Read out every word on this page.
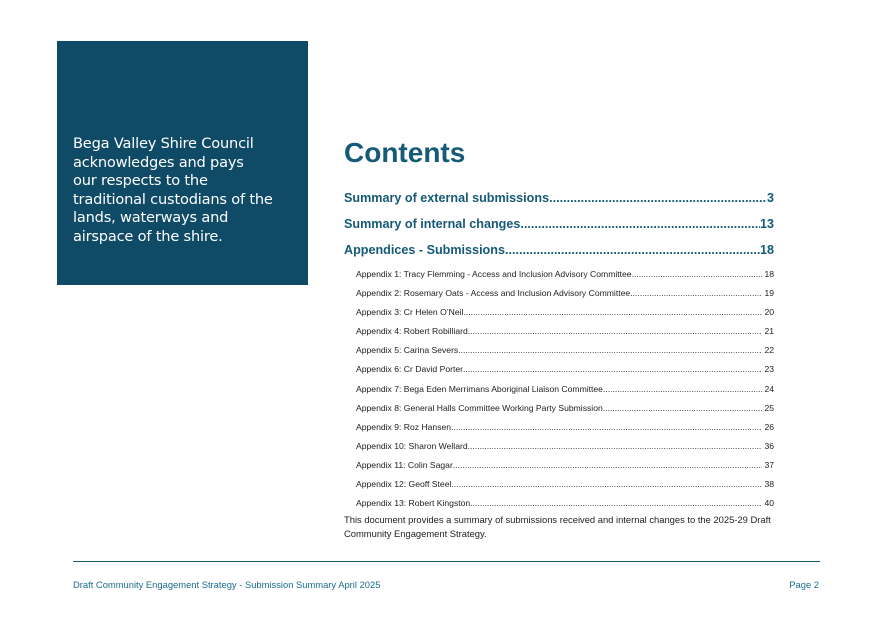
Bega Valley Shire Council
acknowledges and pays
our respects to the
traditional custodians of the
lands, waterways and
airspace of the shire.
Contents
Summary of external submissions .....	3
Summary of internal changes .....	13
Appendices - Submissions .....	18
Appendix 1: Tracy Flemming - Access and Inclusion Advisory Committee .....	18
Appendix 2: Rosemary Oats - Access and Inclusion Advisory Committee .....	19
Appendix 3: Cr Helen O’Neil .....	20
Appendix 4: Robert Robilliard .....	21
Appendix 5: Carina Severs .....	22
Appendix 6: Cr David Porter .....	23
Appendix 7: Bega Eden Merrimans Aboriginal Liaison Committee .....	24
Appendix 8: General Halls Committee Working Party Submission .....	25
Appendix 9: Roz Hansen .....	26
Appendix 10: Sharon Wellard .....	36
Appendix 11: Colin Sagar .....	37
Appendix 12: Geoff Steel .....	38
Appendix 13: Robert Kingston .....	40

This document provides a summary of submissions received and internal changes to the 2025-29 Draft Community Engagement Strategy.

Draft Community Engagement Strategy - Submission Summary April 2025	Page 2
